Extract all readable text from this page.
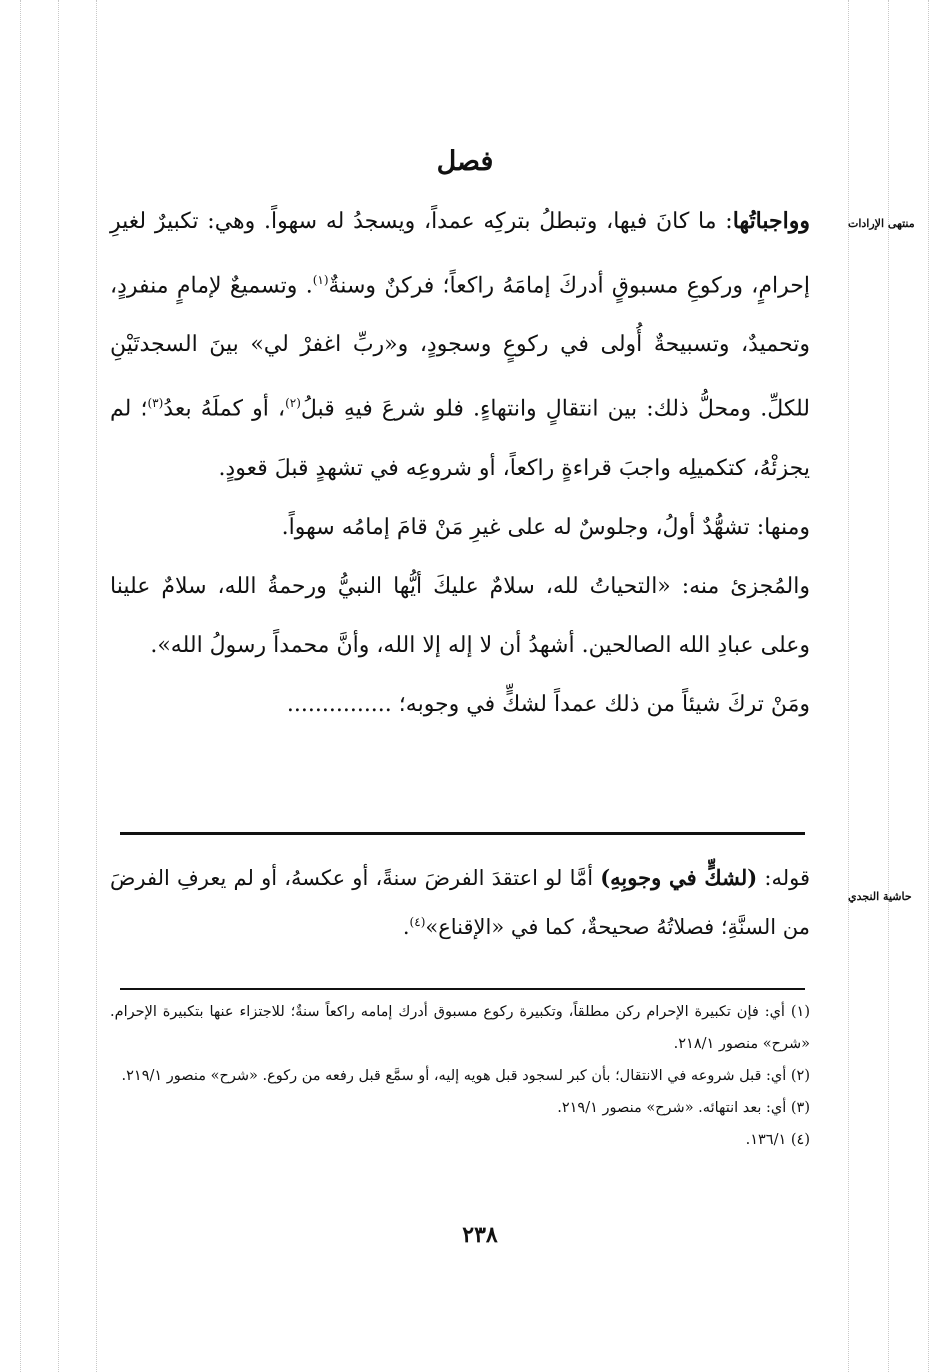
فصل
منتهى الإرادات

وواجباتُها: ما كانَ فيها، وتبطلُ بتركِه عمداً، ويسجدُ له سهواً. وهي: تكبيرٌ لغيرِ إحرامٍ، وركوعِ مسبوقٍ أدركَ إمامَهُ راكعاً؛ فركنٌ وسنةٌ$^{(١)}$. وتسميعٌ لإمامٍ منفردٍ، وتحميدٌ، وتسبيحةٌ أُولى في ركوعٍ وسجودٍ، و«ربِّ اغفرْ لي» بينَ السجدتَيْنِ للكلِّ. ومحلُّ ذلك: بين انتقالٍ وانتهاءٍ. فلو شرعَ فيهِ قبلُ$^{(٢)}$، أو كملَهُ بعدُ$^{(٣)}$؛ لم يجزئْهُ، كتكميلِه واجبَ قراءةٍ راكعاً، أو شروعِه في تشهدٍ قبلَ قعودٍ.

ومنها: تشهُّدٌ أولُ، وجلوسٌ له على غيرِ مَنْ قامَ إمامُه سهواً.

والمُجزئ منه: «التحياتُ لله، سلامٌ عليكَ أيُّها النبيُّ ورحمةُ الله، سلامٌ علينا وعلى عبادِ الله الصالحين. أشهدُ أن لا إله إلا الله، وأنَّ محمداً رسولُ الله».

ومَنْ تركَ شيئاً من ذلك عمداً لشكٍّ في وجوبه؛ ...............

حاشية النجدي

قوله: (لشكٍّ في وجوبِهِ) أمَّا لو اعتقدَ الفرضَ سنةً، أو عكسهُ، أو لم يعرفِ الفرضَ من السنَّةِ؛ فصلاتُهُ صحيحةٌ، كما في «الإقناع»$^{(٤)}$.

(١) أي: فإن تكبيرة الإحرام ركن مطلقاً، وتكبيرة ركوع مسبوق أدرك إمامه راكعاً سنةٌ؛ للاجتزاء عنها بتكبيرة الإحرام. «شرح» منصور ٢١٨/١.

(٢) أي: قبل شروعه في الانتقال؛ بأن كبر لسجود قبل هويه إليه، أو سمَّع قبل رفعه من ركوع. «شرح» منصور ٢١٩/١.

(٣) أي: بعد انتهائه. «شرح» منصور ٢١٩/١.

(٤) ١٣٦/١.

٢٣٨
